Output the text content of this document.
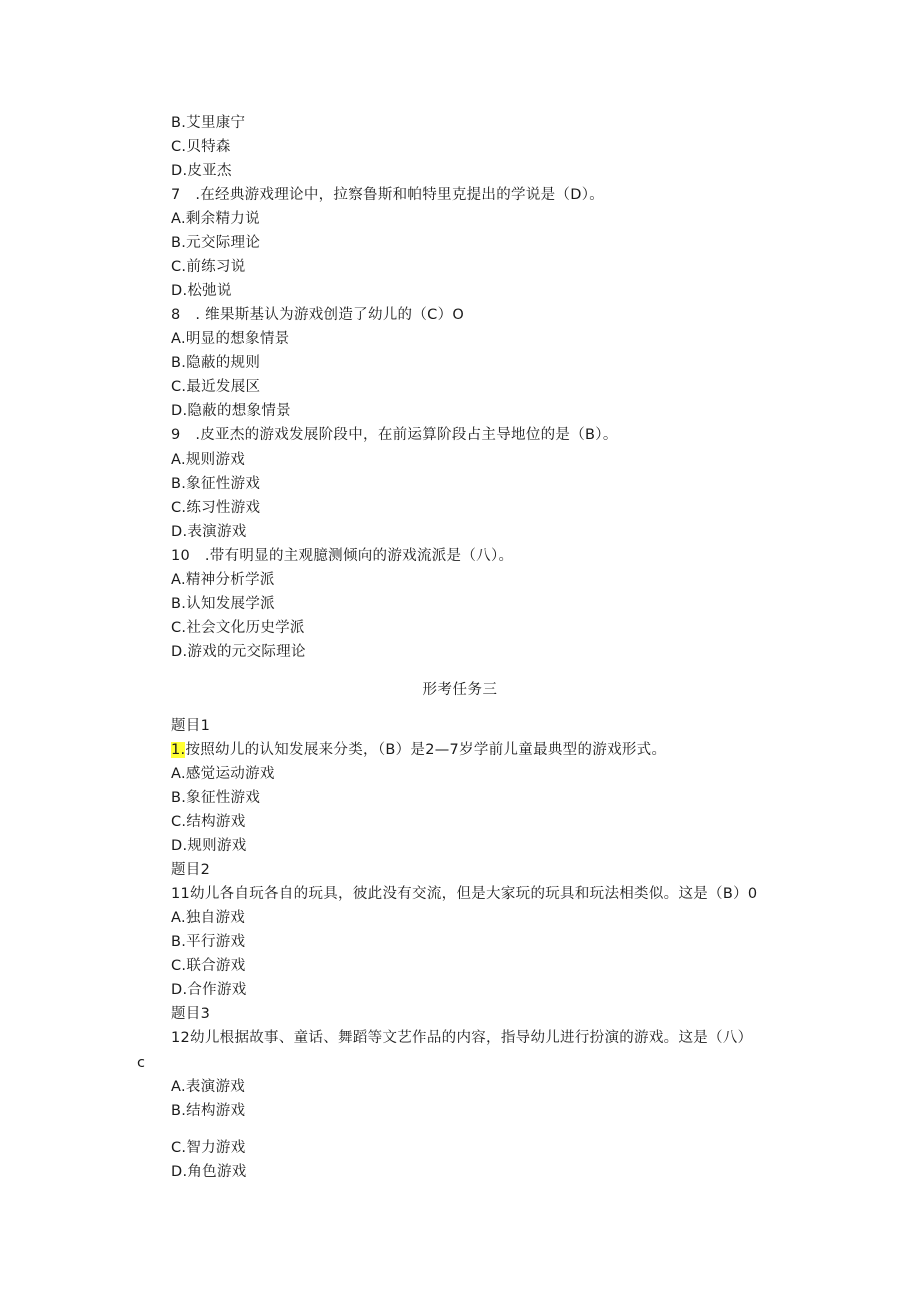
B.艾里康宁
C.贝特森
D.皮亚杰
7　.在经典游戏理论中，拉察鲁斯和帕特里克提出的学说是（D）。
A.剩余精力说
B.元交际理论
C.前练习说
D.松弛说
8　. 维果斯基认为游戏创造了幼儿的（C）O
A.明显的想象情景
B.隐蔽的规则
C.最近发展区
D.隐蔽的想象情景
9　.皮亚杰的游戏发展阶段中，在前运算阶段占主导地位的是（B）。
A.规则游戏
B.象征性游戏
C.练习性游戏
D.表演游戏
10　.带有明显的主观臆测倾向的游戏流派是（八）。
A.精神分析学派
B.认知发展学派
C.社会文化历史学派
D.游戏的元交际理论
形考任务三
题目1
1.按照幼儿的认知发展来分类，（B）是2—7岁学前儿童最典型的游戏形式。
A.感觉运动游戏
B.象征性游戏
C.结构游戏
D.规则游戏
题目2
11幼儿各自玩各自的玩具，彼此没有交流，但是大家玩的玩具和玩法相类似。这是（B）0
A.独自游戏
B.平行游戏
C.联合游戏
D.合作游戏
题目3
12幼儿根据故事、童话、舞蹈等文艺作品的内容，指导幼儿进行扮演的游戏。这是（八）
c
A.表演游戏
B.结构游戏
C.智力游戏
D.角色游戏
